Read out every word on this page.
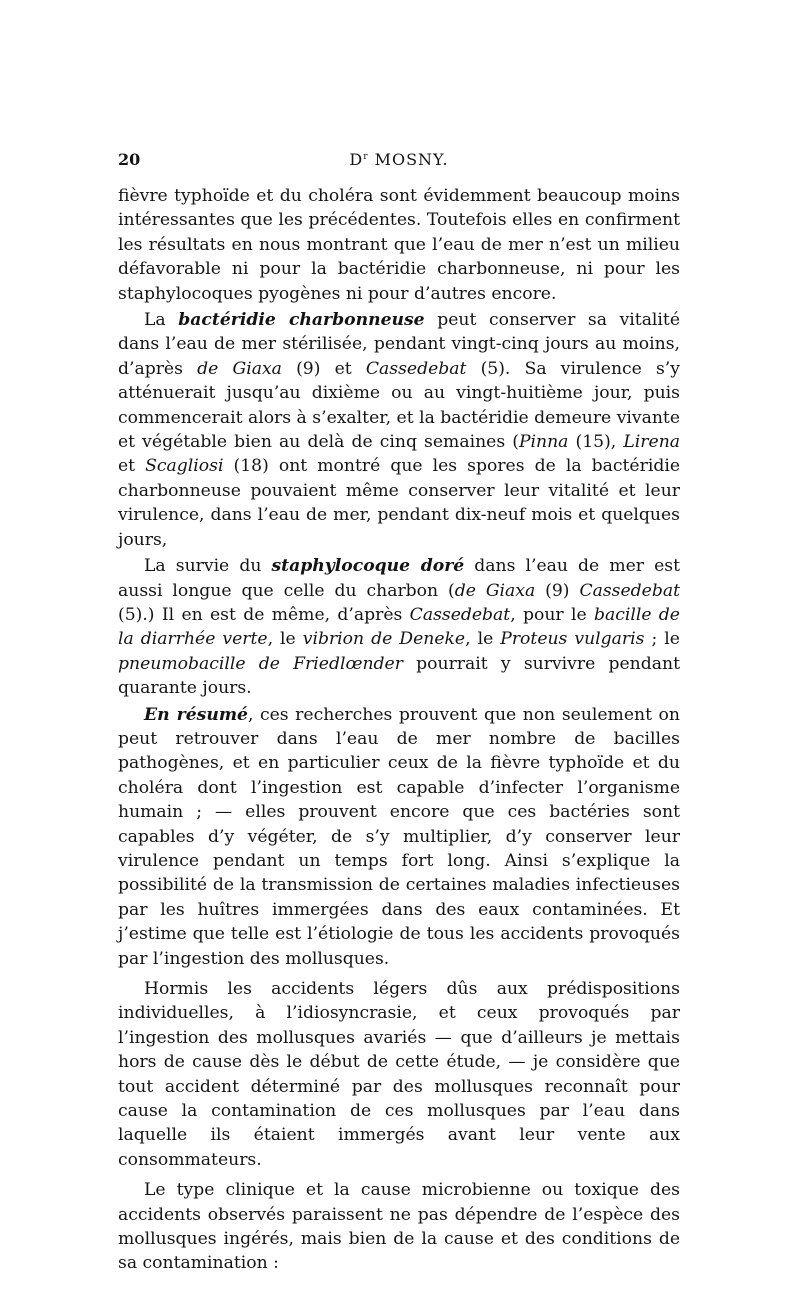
20	$D^r$ MOSNY.

fièvre typhoïde et du choléra sont évidemment beaucoup moins intéressantes que les précédentes. Toutefois elles en confirment les résultats en nous montrant que l’eau de mer n’est un milieu défavorable ni pour la bactéridie charbonneuse, ni pour les staphylocoques pyogènes ni pour d’autres encore.

La bactéridie charbonneuse peut conserver sa vitalité dans l’eau de mer stérilisée, pendant vingt-cinq jours au moins, d’après de Giaxa (9) et Cassedebat (5). Sa virulence s’y atténuerait jusqu’au dixième ou au vingt-huitième jour, puis commencerait alors à s’exalter, et la bactéridie demeure vivante et végétable bien au delà de cinq semaines (Pinna (15), Lirena et Scagliosi (18) ont montré que les spores de la bactéridie charbonneuse pouvaient même conserver leur vitalité et leur virulence, dans l’eau de mer, pendant dix-neuf mois et quelques jours,

La survie du staphylocoque doré dans l’eau de mer est aussi longue que celle du charbon (de Giaxa (9) Cassedebat (5).) Il en est de même, d’après Cassedebat, pour le bacille de la diarrhée verte, le vibrion de Deneke, le Proteus vulgaris ; le pneumobacille de Friedlœnder pourrait y survivre pendant quarante jours.

En résumé, ces recherches prouvent que non seulement on peut retrouver dans l’eau de mer nombre de bacilles pathogènes, et en particulier ceux de la fièvre typhoïde et du choléra dont l’ingestion est capable d’infecter l’organisme humain ; — elles prouvent encore que ces bactéries sont capables d’y végéter, de s’y multiplier, d’y conserver leur virulence pendant un temps fort long. Ainsi s’explique la possibilité de la transmission de certaines maladies infectieuses par les huîtres immergées dans des eaux contaminées. Et j’estime que telle est l’étiologie de tous les accidents provoqués par l’ingestion des mollusques.

Hormis les accidents légers dûs aux prédispositions individuelles, à l’idiosyncrasie, et ceux provoqués par l’ingestion des mollusques avariés — que d’ailleurs je mettais hors de cause dès le début de cette étude, — je considère que tout accident déterminé par des mollusques reconnaît pour cause la contamination de ces mollusques par l’eau dans laquelle ils étaient immergés avant leur vente aux consommateurs.

Le type clinique et la cause microbienne ou toxique des accidents observés paraissent ne pas dépendre de l’espèce des mollusques ingérés, mais bien de la cause et des conditions de sa contamination :
